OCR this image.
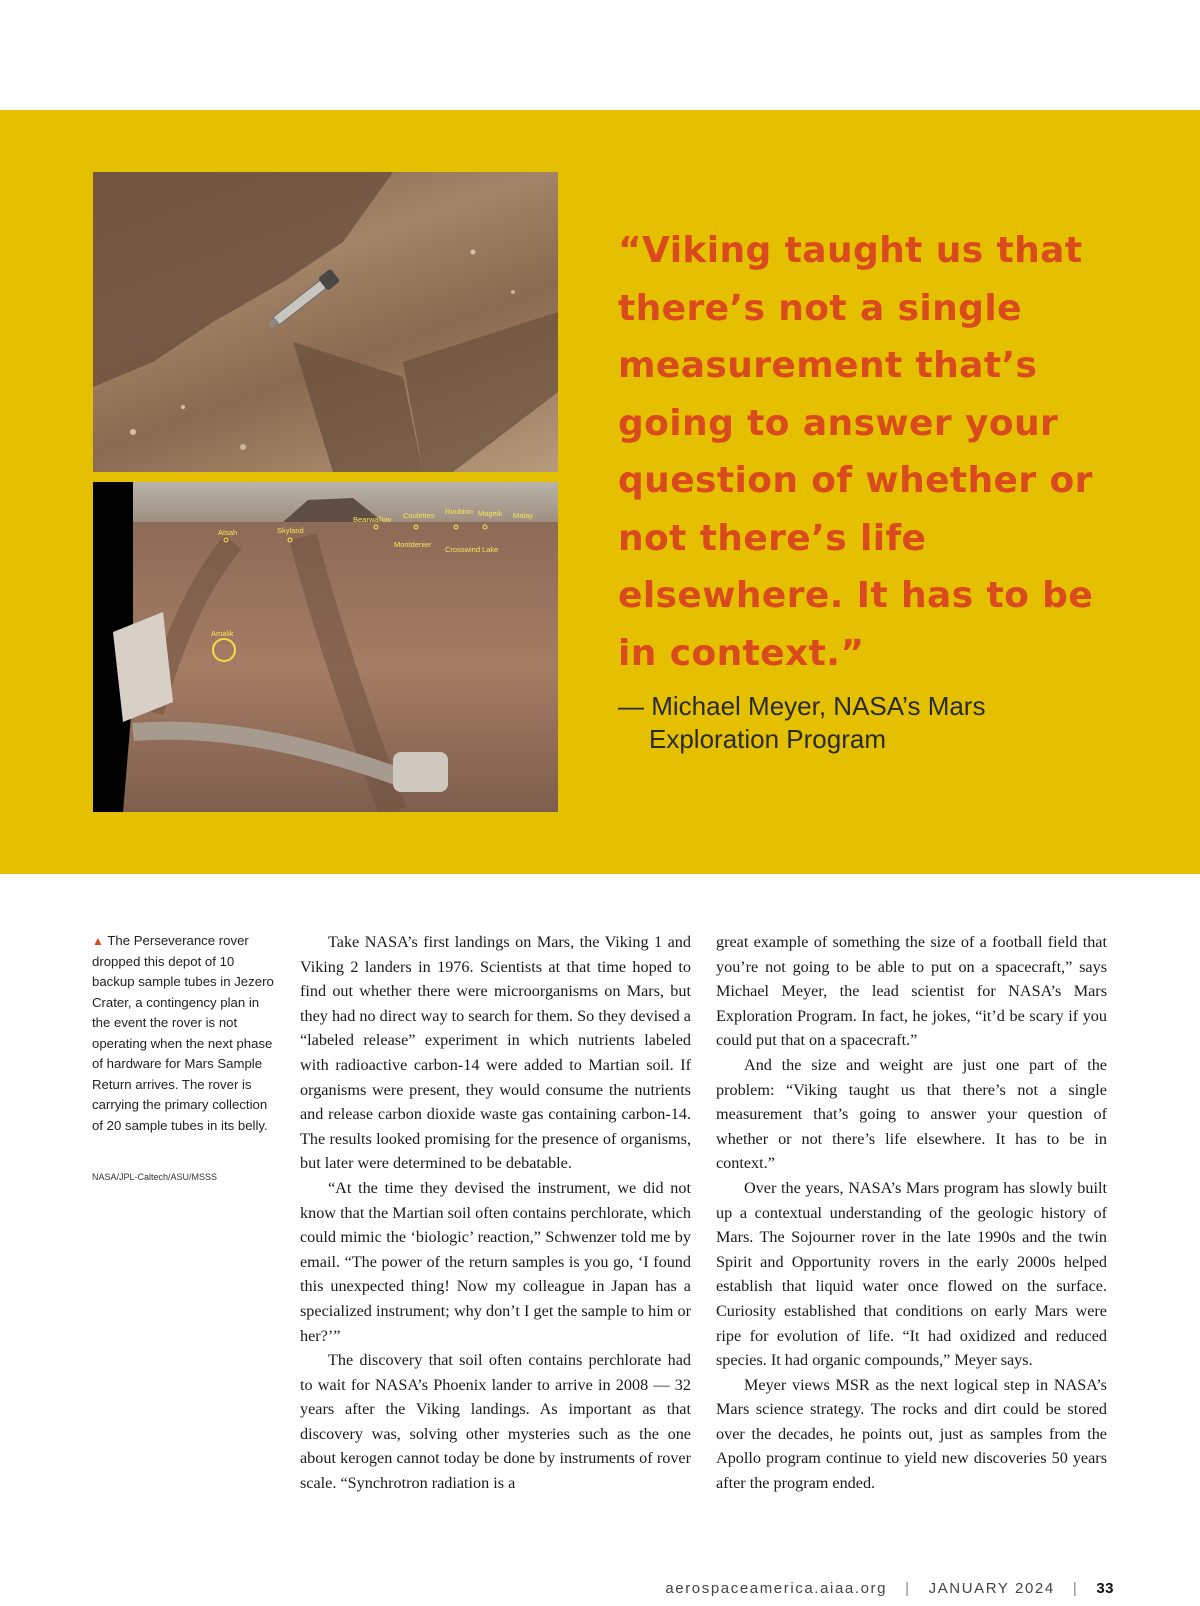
Atsah	Skyland
Bearwallow Coulettes Roubion Mageik Malay
Montdenier
Crosswind Lake
Amalik

“Viking taught us that there’s not a single measurement that’s going to answer your question of whether or not there’s life elsewhere. It has to be in context.”

— Michael Meyer, NASA’s Mars
Exploration Program
▲ The Perseverance rover dropped this depot of 10 backup sample tubes in Jezero Crater, a contingency plan in the event the rover is not operating when the next phase of hardware for Mars Sample Return arrives. The rover is carrying the primary collection of 20 sample tubes in its belly.
NASA/JPL-Caltech/ASU/MSSS

Take NASA’s first landings on Mars, the Viking 1 and Viking 2 landers in 1976. Scientists at that time hoped to find out whether there were microorganisms on Mars, but they had no direct way to search for them. So they devised a “labeled release” experiment in which nutrients labeled with radioactive carbon-14 were added to Martian soil. If organisms were present, they would consume the nutrients and release carbon dioxide waste gas containing carbon-14. The results looked promising for the presence of organisms, but later were determined to be debatable.

“At the time they devised the instrument, we did not know that the Martian soil often contains perchlorate, which could mimic the ‘biologic’ reaction,” Schwenzer told me by email. “The power of the return samples is you go, ‘I found this unexpected thing! Now my colleague in Japan has a specialized instrument; why don’t I get the sample to him or her?’”

The discovery that soil often contains perchlorate had to wait for NASA’s Phoenix lander to arrive in 2008 — 32 years after the Viking landings. As important as that discovery was, solving other mysteries such as the one about kerogen cannot today be done by instruments of rover scale. “Synchrotron radiation is a

great example of something the size of a football field that you’re not going to be able to put on a spacecraft,” says Michael Meyer, the lead scientist for NASA’s Mars Exploration Program. In fact, he jokes, “it’d be scary if you could put that on a spacecraft.”

And the size and weight are just one part of the problem: “Viking taught us that there’s not a single measurement that’s going to answer your question of whether or not there’s life elsewhere. It has to be in context.”

Over the years, NASA’s Mars program has slowly built up a contextual understanding of the geologic history of Mars. The Sojourner rover in the late 1990s and the twin Spirit and Opportunity rovers in the early 2000s helped establish that liquid water once flowed on the surface. Curiosity established that conditions on early Mars were ripe for evolution of life. “It had oxidized and reduced species. It had organic compounds,” Meyer says.

Meyer views MSR as the next logical step in NASA’s Mars science strategy. The rocks and dirt could be stored over the decades, he points out, just as samples from the Apollo program continue to yield new discoveries 50 years after the program ended.

aerospaceamerica.aiaa.org | JANUARY 2024 | 33
